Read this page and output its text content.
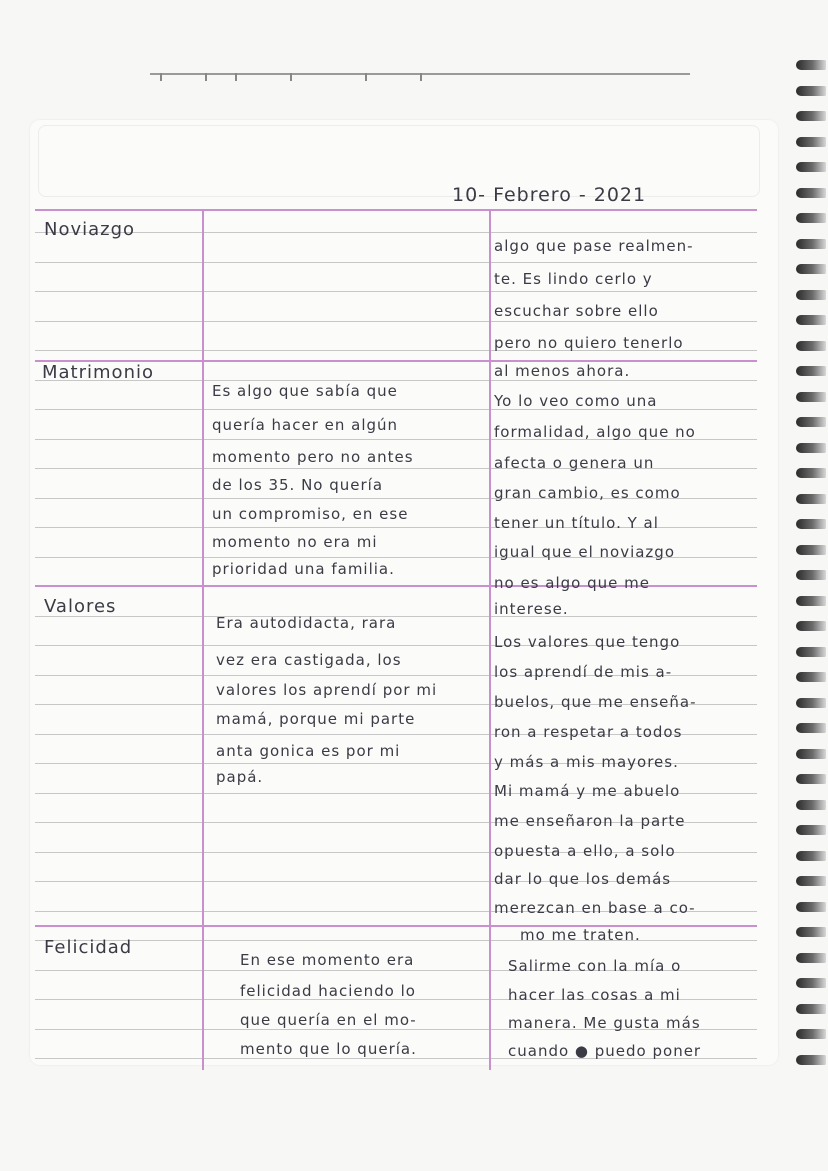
10- Febrero - 2021
Noviazgo
Matrimonio
Valores
Felicidad
algo que pase realmen-
te. Es lindo cerlo y
escuchar sobre ello
pero no quiero tenerlo
al menos ahora.
Es algo que sabía que
quería hacer en algún
momento pero no antes
de los 35. No quería
un compromiso, en ese
momento no era mi
prioridad una familia.
Yo lo veo como una
formalidad, algo que no
afecta o genera un
gran cambio, es como
tener un título. Y al
igual que el noviazgo
no es algo que me
interese.
Era autodidacta, rara
vez era castigada, los
valores los aprendí por mi
mamá, porque mi parte
anta gonica es por mi
papá.
Los valores que tengo
los aprendí de mis a-
buelos, que me enseña-
ron a respetar a todos
y más a mis mayores.
Mi mamá y me abuelo
me enseñaron la parte
opuesta a ello, a solo
dar lo que los demás
merezcan en base a co-
mo me traten.
En ese momento era
felicidad haciendo lo
que quería en el mo-
mento que lo quería.
Salirme con la mía o
hacer las cosas a mi
manera. Me gusta más
cuando ● puedo poner
